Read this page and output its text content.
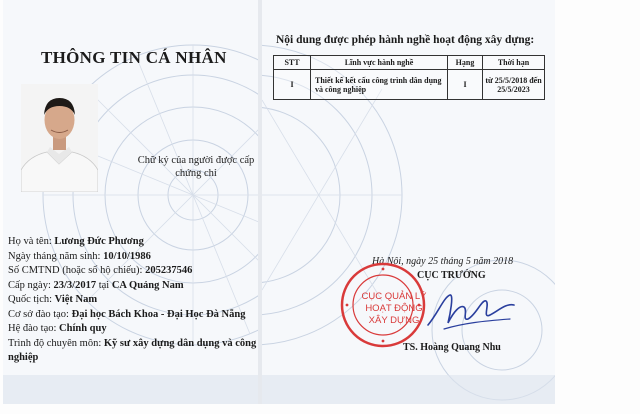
THÔNG TIN CÁ NHÂN
Chữ ký của người được cấp chứng chỉ
Họ và tên: Lương Đức Phương
Ngày tháng năm sinh: 10/10/1986
Số CMTND (hoặc số hộ chiếu): 205237546
Cấp ngày: 23/3/2017 tại CA Quảng Nam
Quốc tịch: Việt Nam
Cơ sở đào tạo: Đại học Bách Khoa - Đại Học Đà Nẵng
Hệ đào tạo: Chính quy
Trình độ chuyên môn: Kỹ sư xây dựng dân dụng và công nghiệp
Nội dung được phép hành nghề hoạt động xây dựng:
STT	Lĩnh vực hành nghề	Hạng	Thời hạn
I	Thiết kế kết cấu công trình dân dụng và công nghiệp	I	từ 25/5/2018 đến 25/5/2023
Hà Nội, ngày 25 tháng 5 năm 2018
CỤC TRƯỞNG
CỤC QUẢN LÝ HOẠT ĐỘNG XÂY DỰNG
TS. Hoàng Quang Nhu
